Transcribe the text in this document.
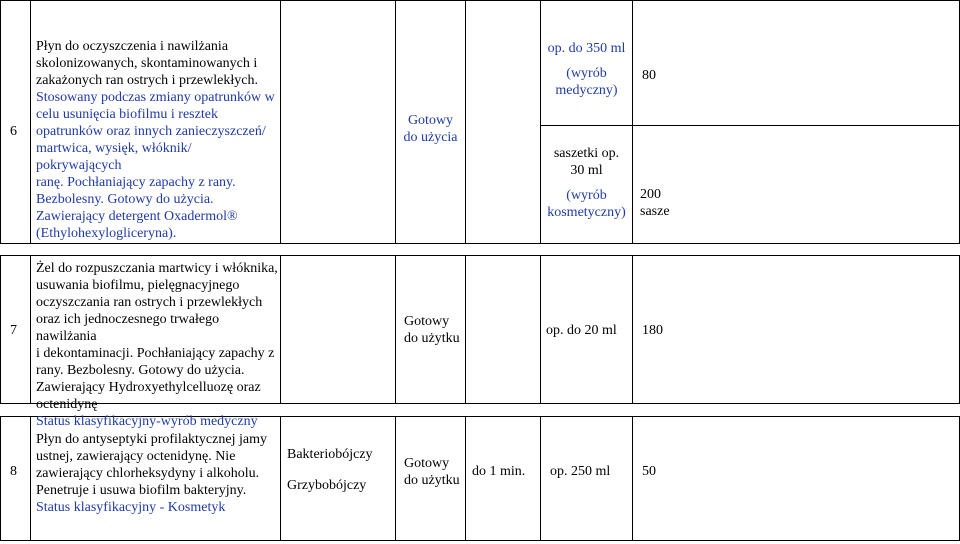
6

Płyn do oczyszczenia i nawilżania

skolonizowanych, skontaminowanych i

zakażonych ran ostrych i przewlekłych.

Stosowany podczas zmiany opatrunków w

celu usunięcia biofilmu i resztek

opatrunków oraz innych zanieczyszczeń/

martwica, wysięk, włóknik/ pokrywających

ranę. Pochłaniający zapachy z rany.

Bezbolesny. Gotowy do użycia.

Zawierający detergent Oxadermol®

(Ethylohexylogliceryna).

Gotowy
do użycia
op. do 350 ml
(wyrób
medyczny)
saszetki op.
30 ml
(wyrób
kosmetyczny)
80
200
sasze
7

Żel do rozpuszczania martwicy i włóknika,

usuwania biofilmu, pielęgnacyjnego

oczyszczania ran ostrych i przewlekłych

oraz ich jednoczesnego trwałego nawilżania

i dekontaminacji. Pochłaniający zapachy z

rany. Bezbolesny. Gotowy do użycia.

Zawierający Hydroxyethylcelluozę oraz

octenidynę

Status klasyfikacyjny-wyrób medyczny

Gotowy
do użytku
op. do 20 ml 180
8

Płyn do antyseptyki profilaktycznej jamy

ustnej, zawierający octenidynę. Nie

zawierający chlorheksydyny i alkoholu.

Penetruje i usuwa biofilm bakteryjny.

Status klasyfikacyjny - Kosmetyk

Bakteriobójczy
Grzybobójczy
Gotowy
do użytku
do 1 min. op. 250 ml 50
